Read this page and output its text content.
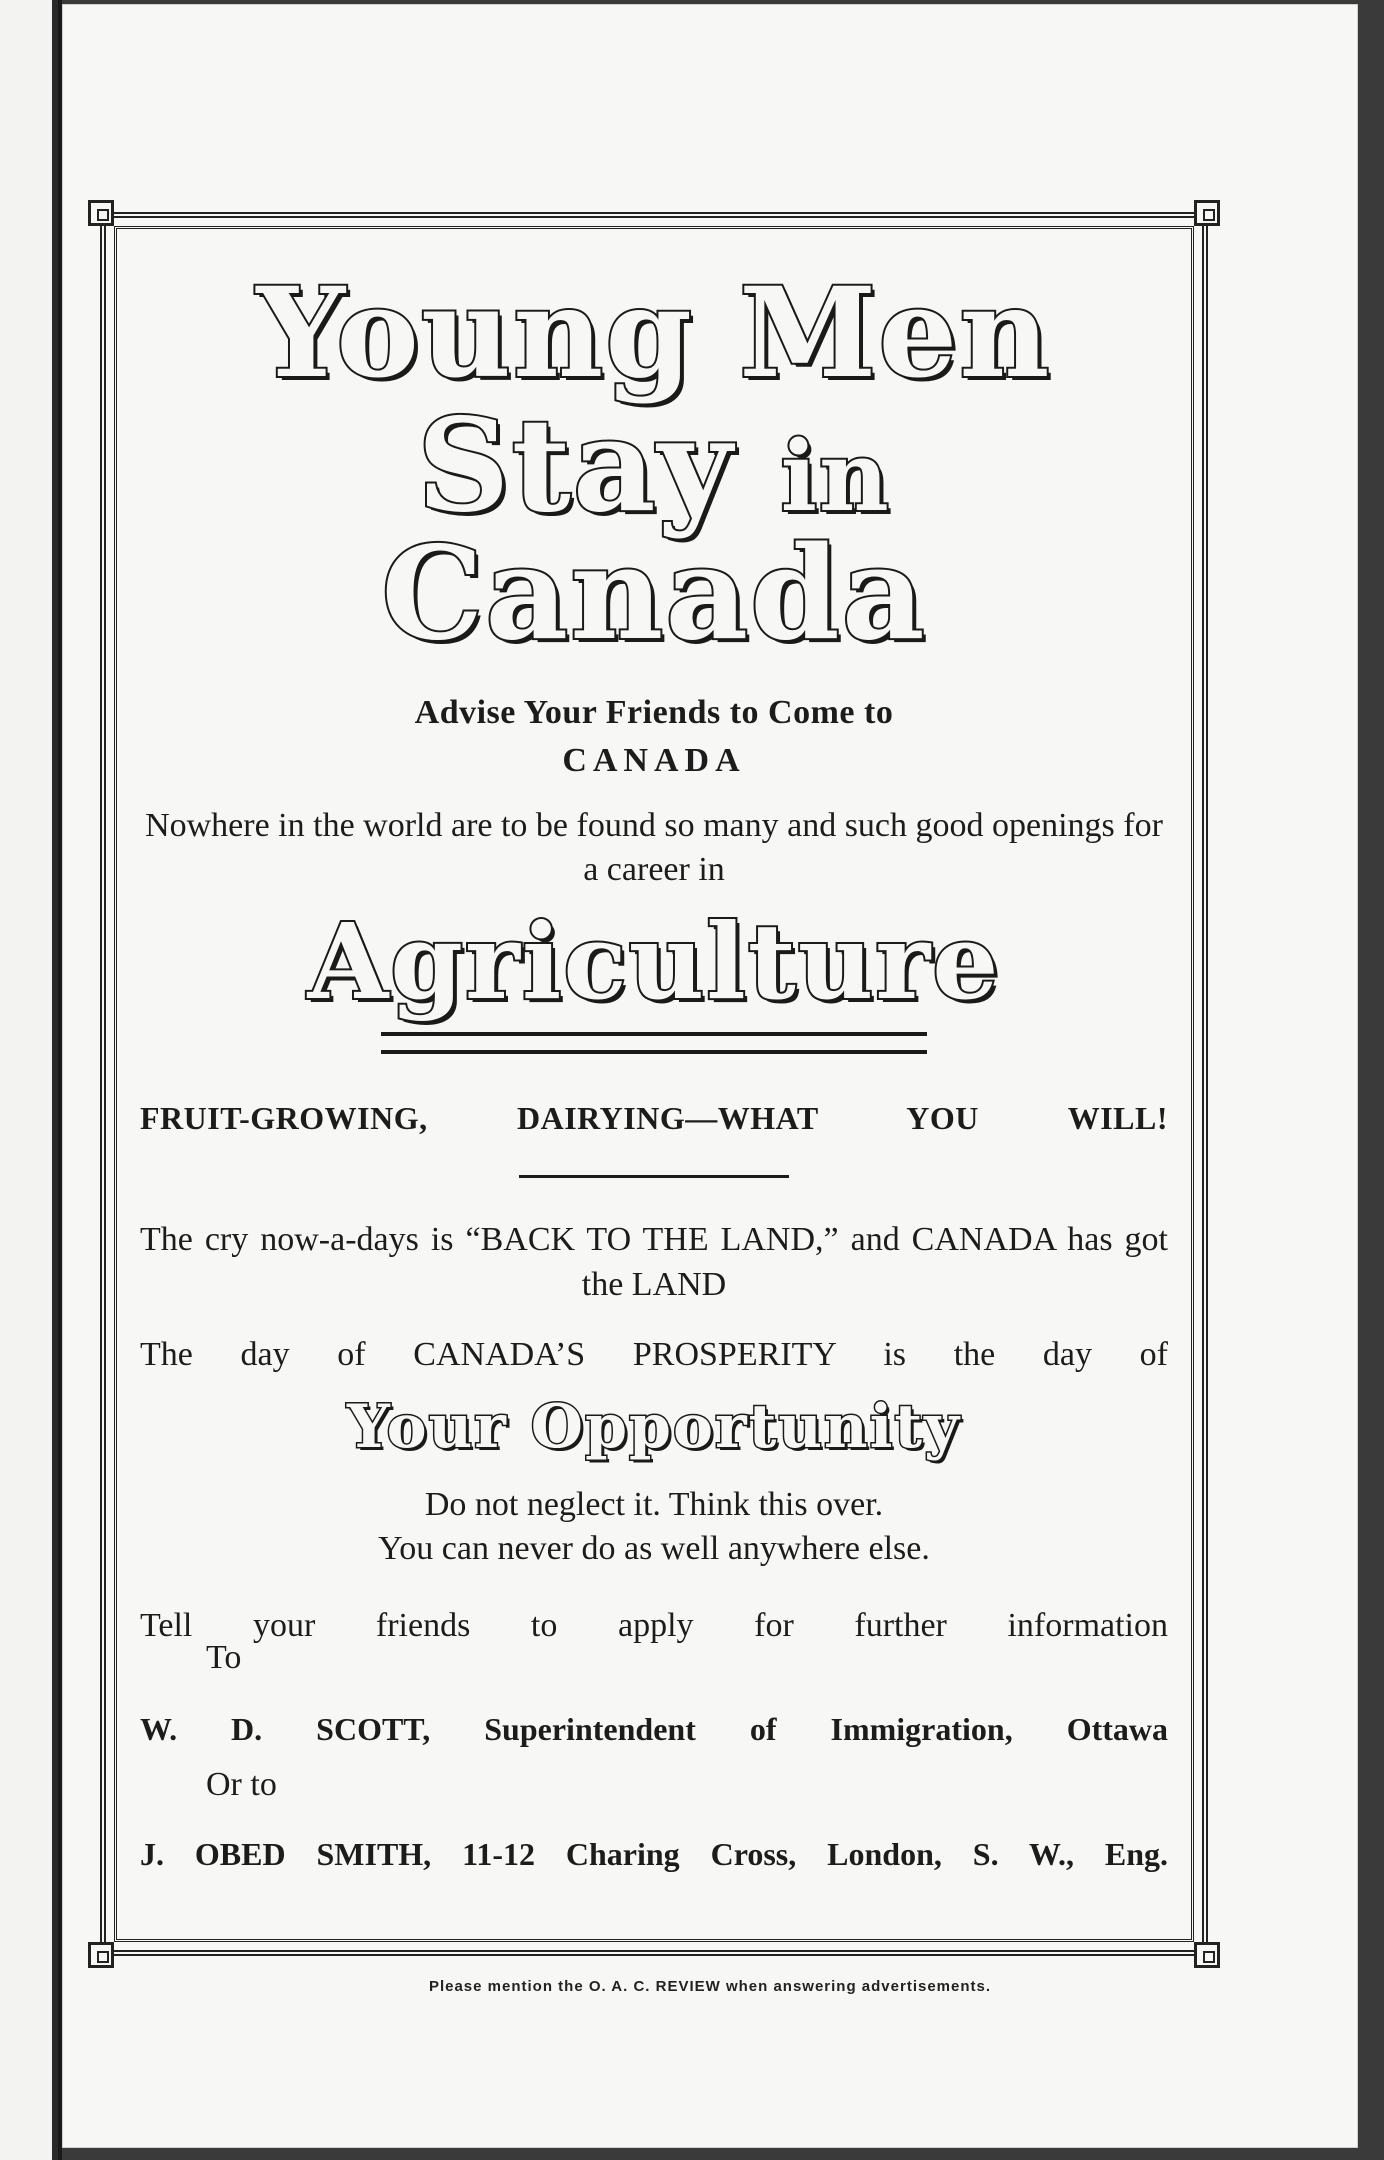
Young Men
Stay in Canada
Advise Your Friends to Come to
CANADA
Nowhere in the world are to be found so many and such good openings for a career in
Agriculture
FRUIT-GROWING, DAIRYING—WHAT YOU WILL!
The cry now-a-days is “BACK TO THE LAND,” and CANADA has got the LAND
The day of CANADA’S PROSPERITY is the day of
Your Opportunity
Do not neglect it. Think this over.
You can never do as well anywhere else.
Tell your friends to apply for further information
To
W. D. SCOTT, Superintendent of Immigration, Ottawa
Or to
J. OBED SMITH, 11-12 Charing Cross, London, S. W., Eng.
Please mention the O. A. C. REVIEW when answering advertisements.
